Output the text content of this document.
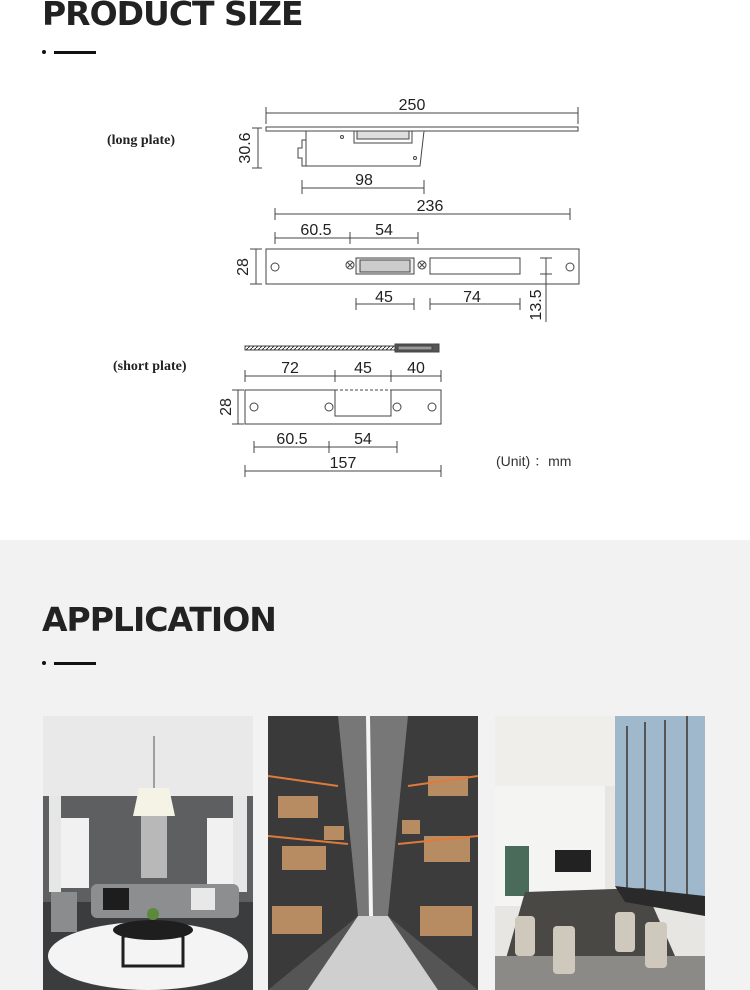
PRODUCT SIZE
(long plate)
(short plate)
(Unit) ：mm
250
30.6
98
236
60.5	54
28
45	74	13.5
72	45 40
28
60.5	54
157
APPLICATION
